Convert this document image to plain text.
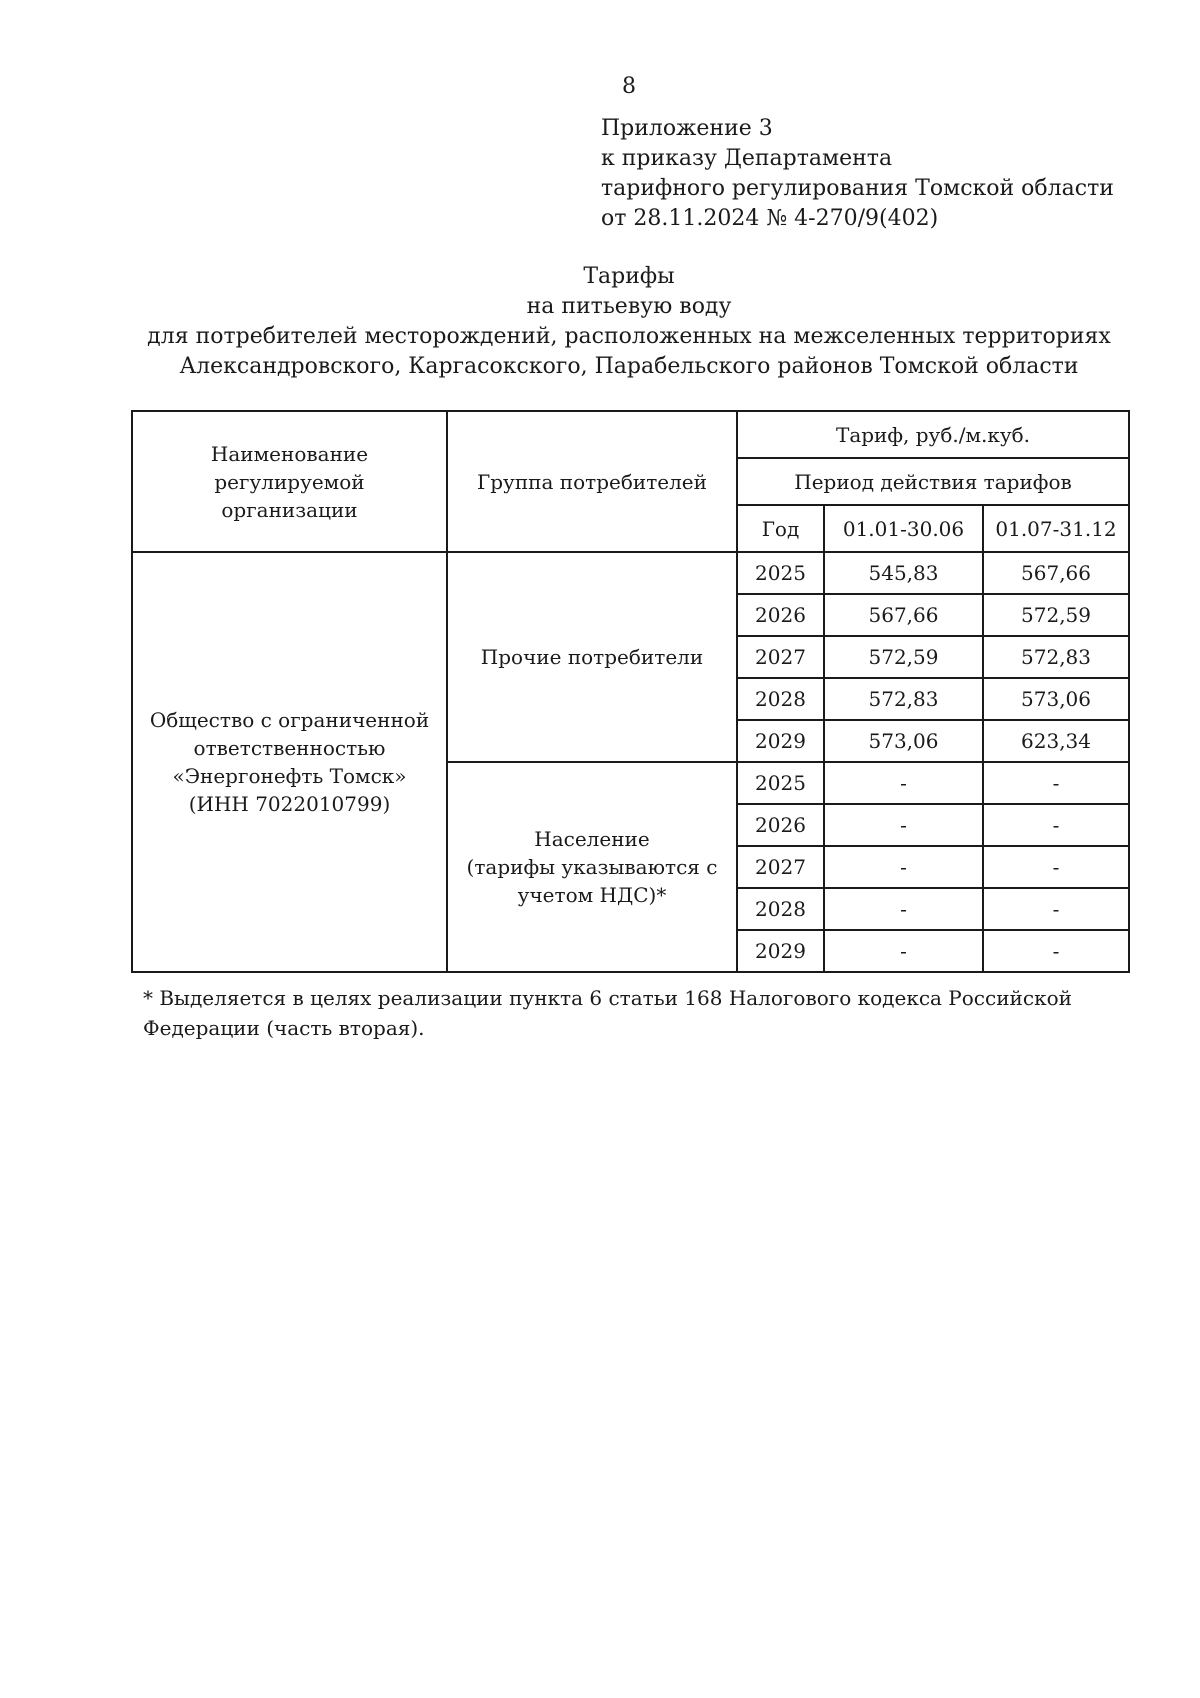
8
Приложение 3
к приказу Департамента
тарифного регулирования Томской области
от 28.11.2024 № 4-270/9(402)
Тарифы
на питьевую воду
для потребителей месторождений, расположенных на межселенных территориях
Александровского, Каргасокского, Парабельского районов Томской области
Наименование регулируемой организации	Группа потребителей	Тариф, руб./м.куб.		
		Период действия тарифов		
		Год	01.01-30.06	01.07-31.12

Общество с ограниченной
ответственностью
«Энергонефть Томск»
(ИНН 7022010799)	Прочие потребители	2025	545,83	567,66
		2026	567,66	572,59
		2027	572,59	572,83
		2028	572,83	573,06
		2029	573,06	623,34

	Население
(тарифы указываются с
учетом НДС)*	2025	-	-
		2026	-	-
		2027	-	-
		2028	-	-
		2029	-	-
* Выделяется в целях реализации пункта 6 статьи 168 Налогового кодекса Российской Федерации (часть вторая).
